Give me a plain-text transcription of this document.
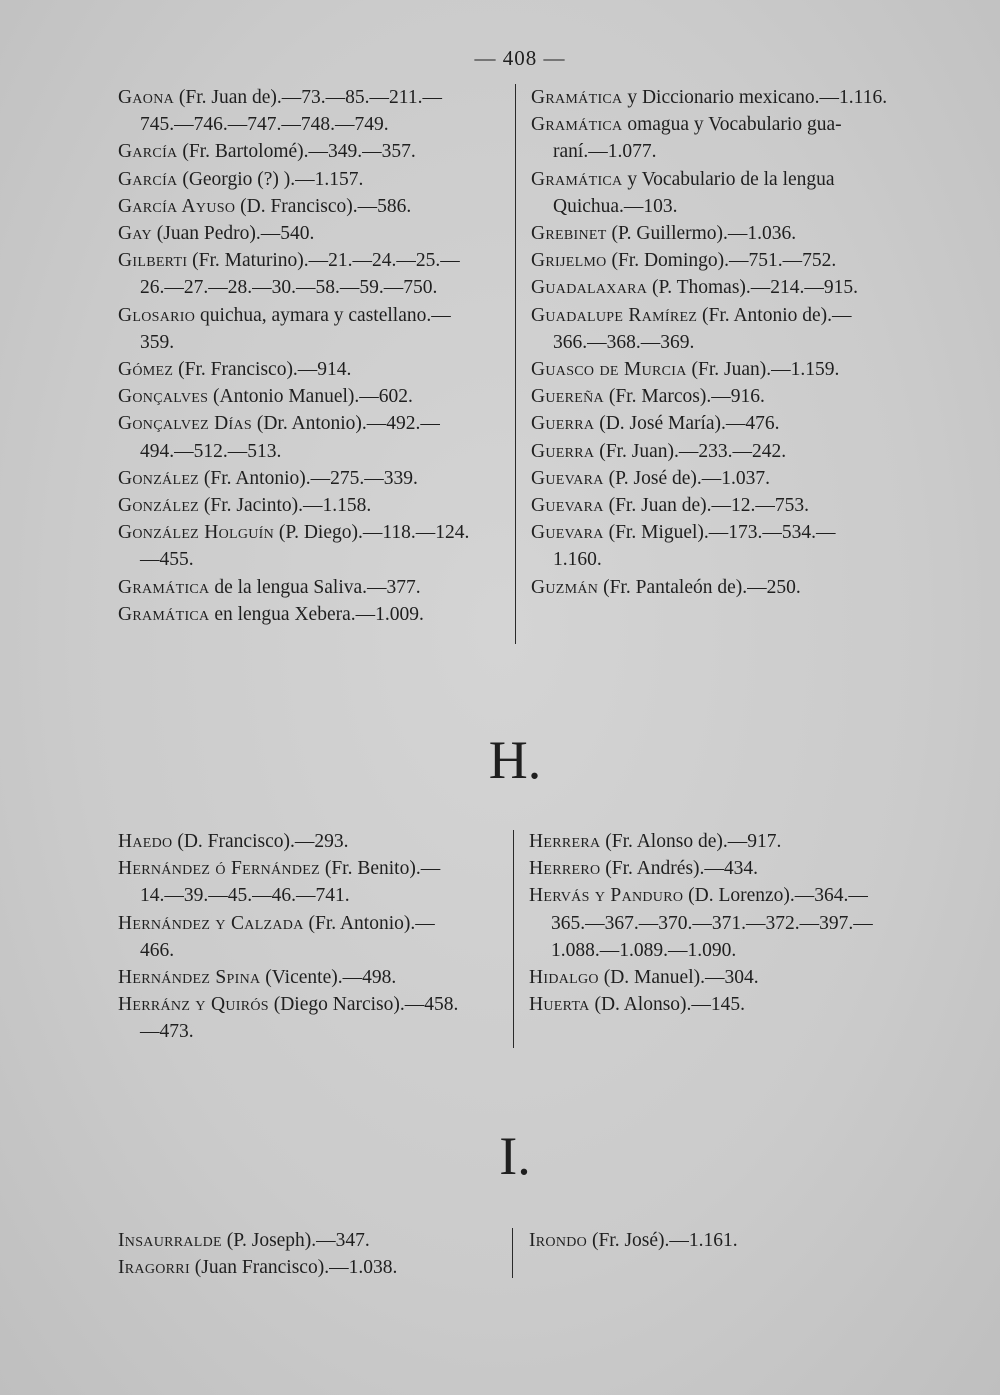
— 408 —

Gaona (Fr. Juan de).—73.—85.—211.—
745.—746.—747.—748.—749.

García (Fr. Bartolomé).—349.—357.

García (Georgio (?) ).—1.157.

García Ayuso (D. Francisco).—586.

Gay (Juan Pedro).—540.

Gilberti (Fr. Maturino).—21.—24.—25.—
26.—27.—28.—30.—58.—59.—750.

Glosario quichua, aymara y castellano.—
359.

Gómez (Fr. Francisco).—914.

Gonçalves (Antonio Manuel).—602.

Gonçalvez Días (Dr. Antonio).—492.—
494.—512.—513.

González (Fr. Antonio).—275.—339.

González (Fr. Jacinto).—1.158.

González Holguín (P. Diego).—118.—124.
—455.

Gramática de la lengua Saliva.—377.

Gramática en lengua Xebera.—1.009.

Gramática y Diccionario mexicano.—1.116.

Gramática omagua y Vocabulario gua-
raní.—1.077.

Gramática y Vocabulario de la lengua
Quichua.—103.

Grebinet (P. Guillermo).—1.036.

Grijelmo (Fr. Domingo).—751.—752.

Guadalaxara (P. Thomas).—214.—915.

Guadalupe Ramírez (Fr. Antonio de).—
366.—368.—369.

Guasco de Murcia (Fr. Juan).—1.159.

Guereña (Fr. Marcos).—916.

Guerra (D. José María).—476.

Guerra (Fr. Juan).—233.—242.

Guevara (P. José de).—1.037.

Guevara (Fr. Juan de).—12.—753.

Guevara (Fr. Miguel).—173.—534.—
1.160.

Guzmán (Fr. Pantaleón de).—250.

H.

Haedo (D. Francisco).—293.

Hernández ó Fernández (Fr. Benito).—
14.—39.—45.—46.—741.

Hernández y Calzada (Fr. Antonio).—
466.

Hernández Spina (Vicente).—498.

Herránz y Quirós (Diego Narciso).—458.
—473.

Herrera (Fr. Alonso de).—917.

Herrero (Fr. Andrés).—434.

Hervás y Panduro (D. Lorenzo).—364.—
365.—367.—370.—371.—372.—397.—
1.088.—1.089.—1.090.

Hidalgo (D. Manuel).—304.

Huerta (D. Alonso).—145.

I.

Insaurralde (P. Joseph).—347.

Iragorri (Juan Francisco).—1.038.

Irondo (Fr. José).—1.161.
